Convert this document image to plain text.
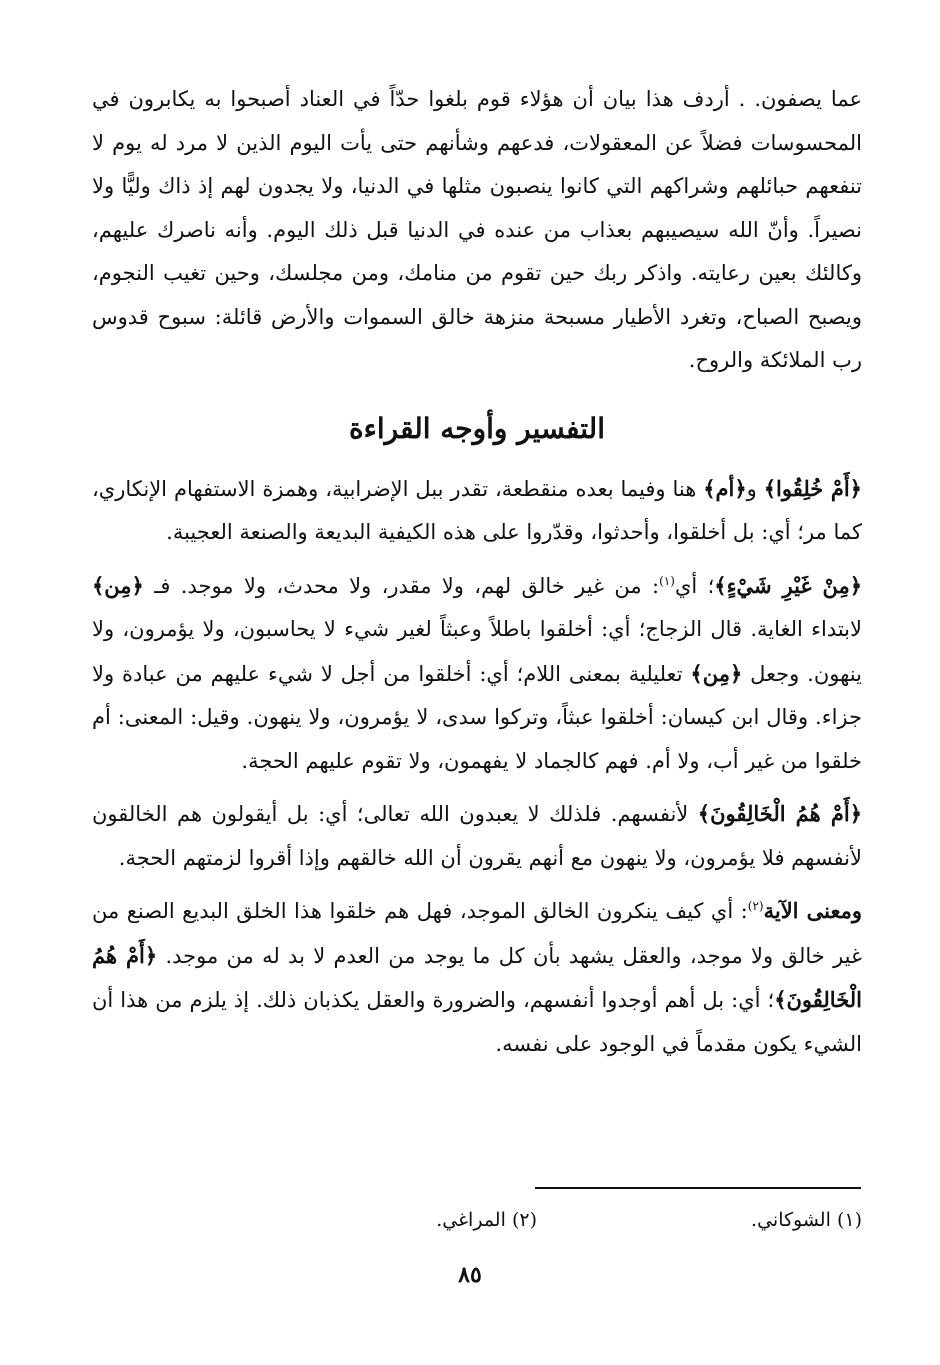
عما يصفون. . أردف هذا بيان أن هؤلاء قوم بلغوا حدّاً في العناد أصبحوا به يكابرون في المحسوسات فضلاً عن المعقولات، فدعهم وشأنهم حتى يأت اليوم الذين لا مرد له يوم لا تنفعهم حبائلهم وشراكهم التي كانوا ينصبون مثلها في الدنيا، ولا يجدون لهم إذ ذاك وليًّا ولا نصيراً. وأنّ الله سيصيبهم بعذاب من عنده في الدنيا قبل ذلك اليوم. وأنه ناصرك عليهم، وكالئك بعين رعايته. واذكر ربك حين تقوم من منامك، ومن مجلسك، وحين تغيب النجوم، ويصبح الصباح، وتغرد الأطيار مسبحة منزهة خالق السموات والأرض قائلة: سبوح قدوس رب الملائكة والروح.

التفسير وأوجه القراءة

﴿أَمْ خُلِقُوا﴾ و﴿أم﴾ هنا وفيما بعده منقطعة، تقدر ببل الإضرابية، وهمزة الاستفهام الإنكاري، كما مر؛ أي: بل أخلقوا، وأحدثوا، وقدّروا على هذه الكيفية البديعة والصنعة العجيبة.

﴿مِنْ غَيْرِ شَيْءٍ﴾؛ أي$^{(١)}$: من غير خالق لهم، ولا مقدر، ولا محدث، ولا موجد. فـ ﴿مِن﴾ لابتداء الغاية. قال الزجاج؛ أي: أخلقوا باطلاً وعبثاً لغير شيء لا يحاسبون، ولا يؤمرون، ولا ينهون. وجعل ﴿مِن﴾ تعليلية بمعنى اللام؛ أي: أخلقوا من أجل لا شيء عليهم من عبادة ولا جزاء. وقال ابن كيسان: أخلقوا عبثاً، وتركوا سدى، لا يؤمرون، ولا ينهون. وقيل: المعنى: أم خلقوا من غير أب، ولا أم. فهم كالجماد لا يفهمون، ولا تقوم عليهم الحجة.

﴿أَمْ هُمُ الْخَالِقُونَ﴾ لأنفسهم. فلذلك لا يعبدون الله تعالى؛ أي: بل أيقولون هم الخالقون لأنفسهم فلا يؤمرون، ولا ينهون مع أنهم يقرون أن الله خالقهم وإذا أقروا لزمتهم الحجة.

ومعنى الآية$^{(٢)}$: أي كيف ينكرون الخالق الموجد، فهل هم خلقوا هذا الخلق البديع الصنع من غير خالق ولا موجد، والعقل يشهد بأن كل ما يوجد من العدم لا بد له من موجد. ﴿أَمْ هُمُ الْخَالِقُونَ﴾؛ أي: بل أهم أوجدوا أنفسهم، والضرورة والعقل يكذبان ذلك. إذ يلزم من هذا أن الشيء يكون مقدماً في الوجود على نفسه.

(١) الشوكاني.
(٢) المراغي.
٨٥
